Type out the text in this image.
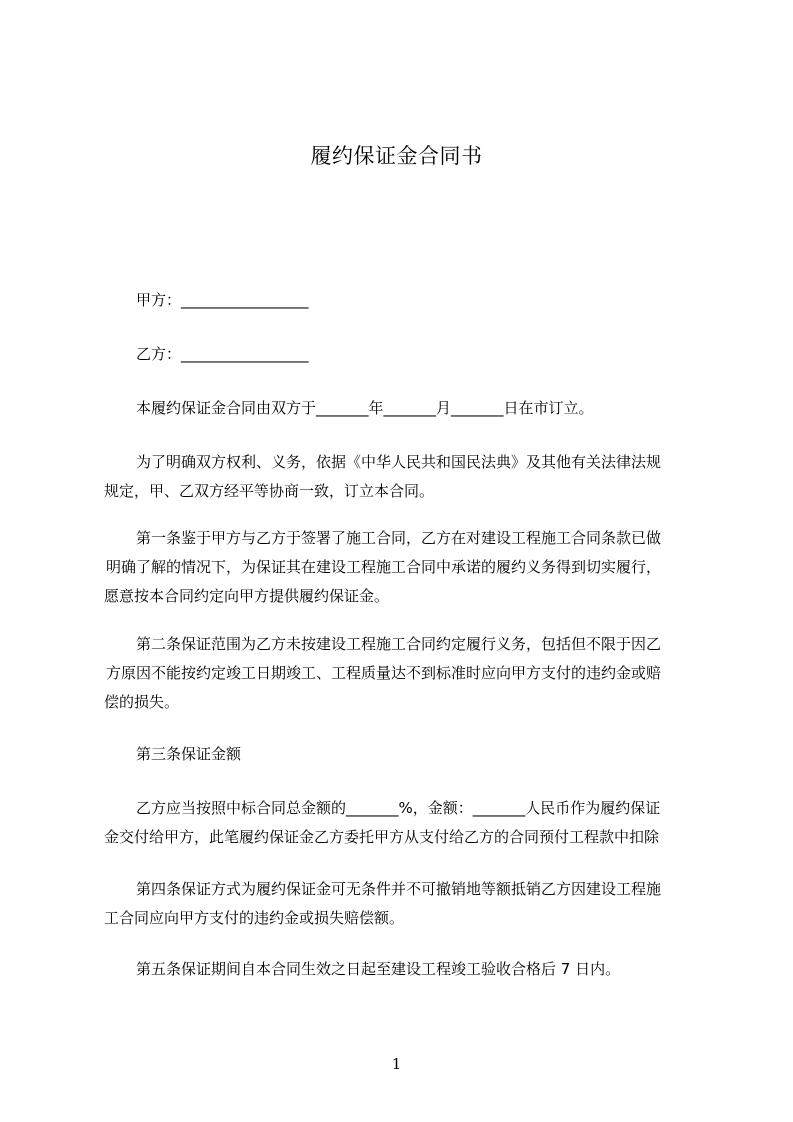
履约保证金合同书
甲方：_________________
乙方：_________________
本履约保证金合同由双方于_______年_______月_______日在市订立。
为了明确双方权利、义务，依据《中华人民共和国民法典》及其他有关法律法规
规定，甲、乙双方经平等协商一致，订立本合同。
第一条鉴于甲方与乙方于签署了施工合同，乙方在对建设工程施工合同条款已做
明确了解的情况下，为保证其在建设工程施工合同中承诺的履约义务得到切实履行，
愿意按本合同约定向甲方提供履约保证金。
第二条保证范围为乙方未按建设工程施工合同约定履行义务，包括但不限于因乙
方原因不能按约定竣工日期竣工、工程质量达不到标准时应向甲方支付的违约金或赔
偿的损失。
第三条保证金额
乙方应当按照中标合同总金额的_______%，金额：_______人民币作为履约保证
金交付给甲方，此笔履约保证金乙方委托甲方从支付给乙方的合同预付工程款中扣除
第四条保证方式为履约保证金可无条件并不可撤销地等额抵销乙方因建设工程施
工合同应向甲方支付的违约金或损失赔偿额。
第五条保证期间自本合同生效之日起至建设工程竣工验收合格后 7 日内。
1
